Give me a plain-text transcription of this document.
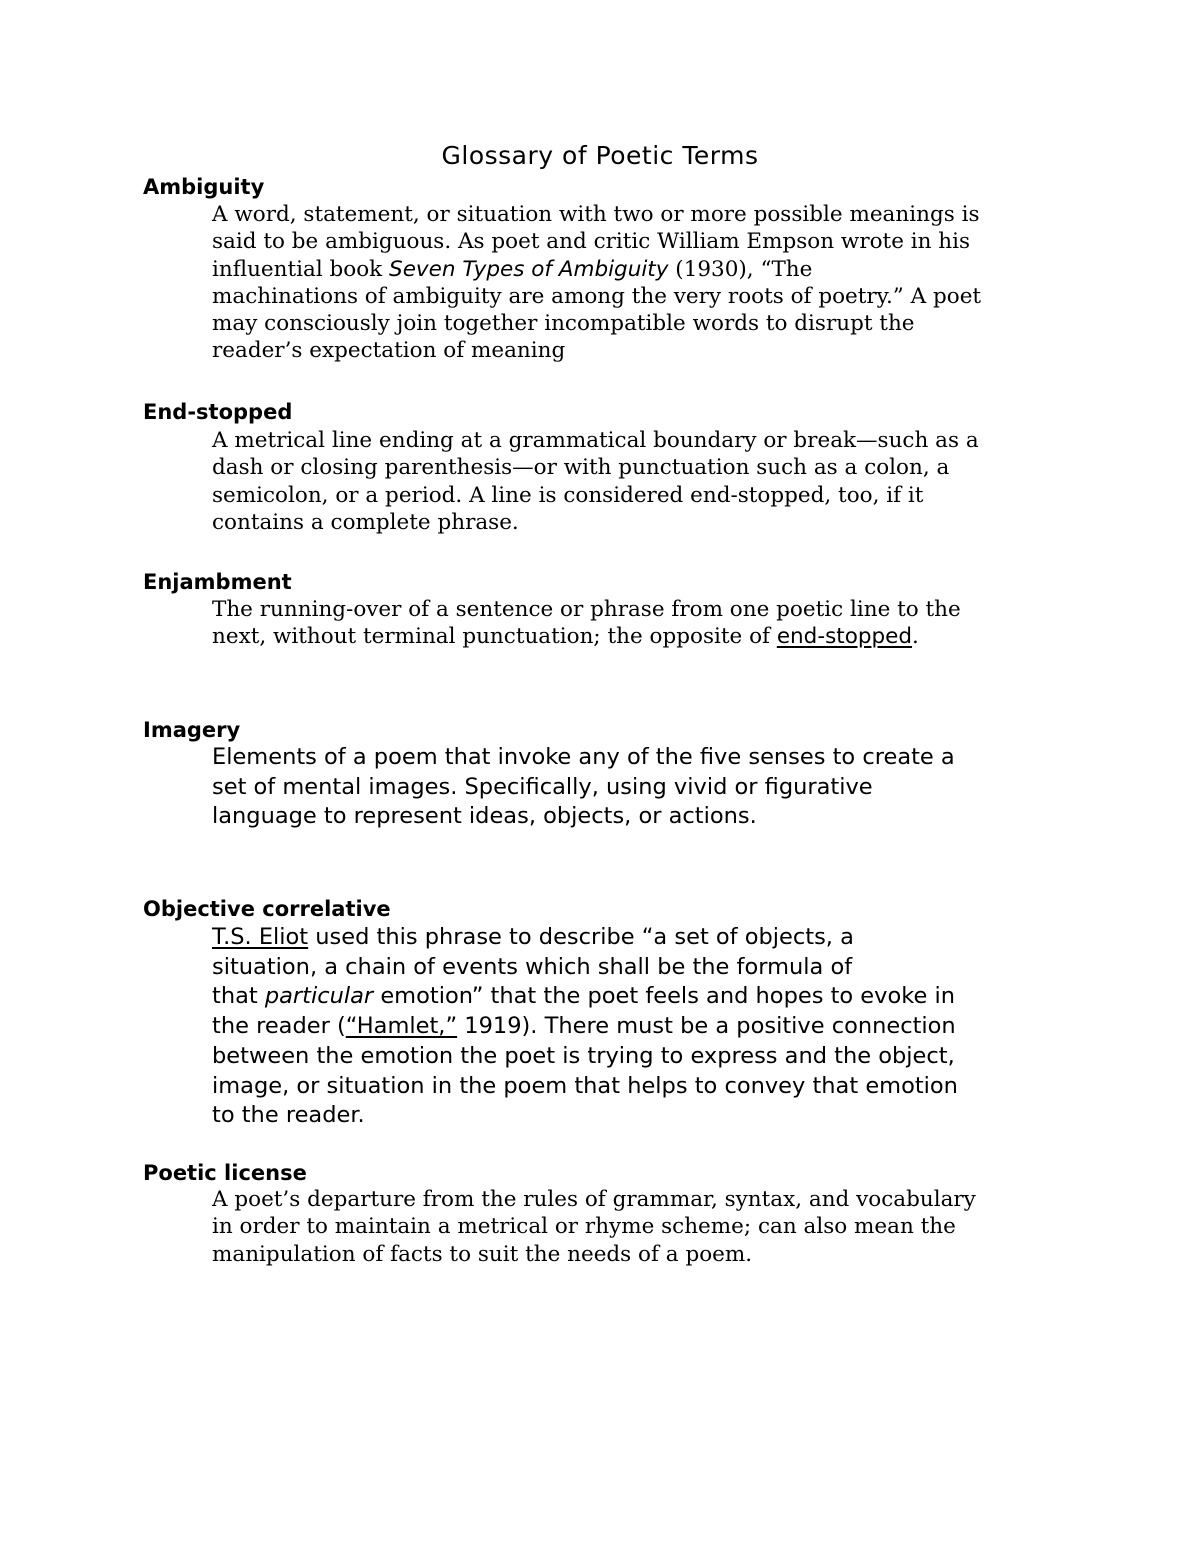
Glossary of Poetic Terms
Ambiguity
A word, statement, or situation with two or more possible meanings is
said to be ambiguous. As poet and critic William Empson wrote in his
influential book Seven Types of Ambiguity (1930), “The
machinations of ambiguity are among the very roots of poetry.” A poet
may consciously join together incompatible words to disrupt the
reader’s expectation of meaning
End-stopped
A metrical line ending at a grammatical boundary or break—such as a
dash or closing parenthesis—or with punctuation such as a colon, a
semicolon, or a period. A line is considered end-stopped, too, if it
contains a complete phrase.
Enjambment
The running-over of a sentence or phrase from one poetic line to the
next, without terminal punctuation; the opposite of end-stopped.
Imagery
Elements of a poem that invoke any of the five senses to create a
set of mental images. Specifically, using vivid or figurative
language to represent ideas, objects, or actions.
Objective correlative
T.S. Eliot used this phrase to describe “a set of objects, a
situation, a chain of events which shall be the formula of
that particular emotion” that the poet feels and hopes to evoke in
the reader (“Hamlet,” 1919). There must be a positive connection
between the emotion the poet is trying to express and the object,
image, or situation in the poem that helps to convey that emotion
to the reader.
Poetic license
A poet’s departure from the rules of grammar, syntax, and vocabulary
in order to maintain a metrical or rhyme scheme; can also mean the
manipulation of facts to suit the needs of a poem.
